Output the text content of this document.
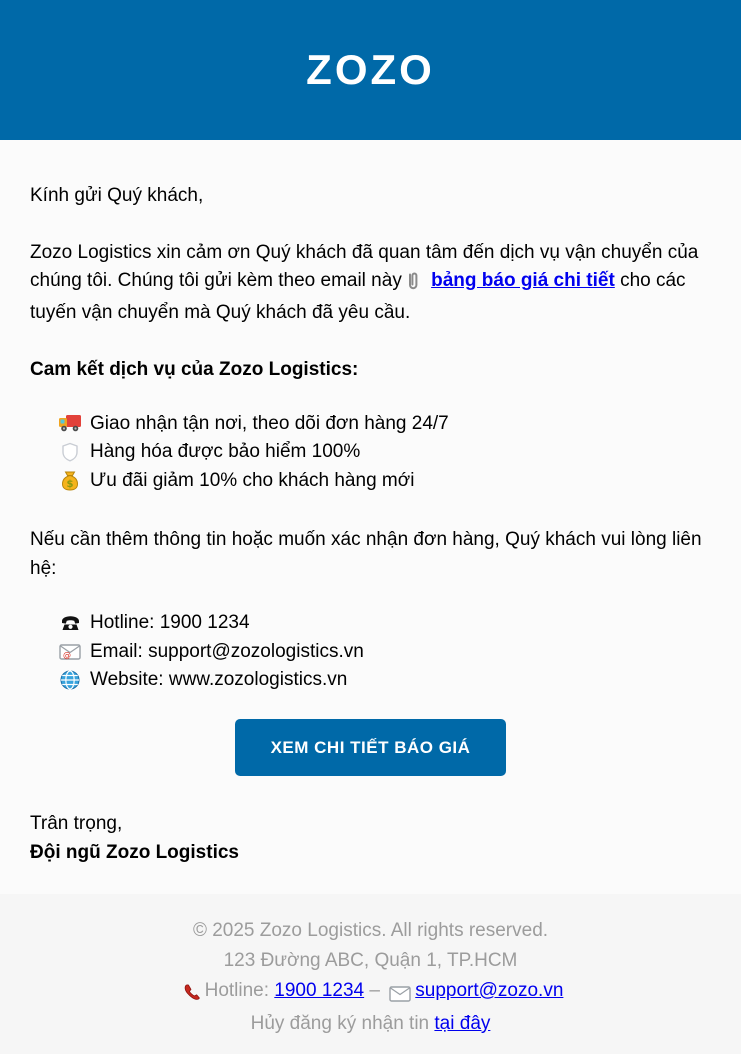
ZOZO

Kính gửi Quý khách,

Zozo Logistics xin cảm ơn Quý khách đã quan tâm đến dịch vụ vận chuyển của chúng tôi. Chúng tôi gửi kèm theo email này bảng báo giá chi tiết cho các tuyến vận chuyển mà Quý khách đã yêu cầu.

Cam kết dịch vụ của Zozo Logistics:

Giao nhận tận nơi, theo dõi đơn hàng 24/7
Hàng hóa được bảo hiểm 100%
$ Ưu đãi giảm 10% cho khách hàng mới

Nếu cần thêm thông tin hoặc muốn xác nhận đơn hàng, Quý khách vui lòng liên hệ:

Hotline: 1900 1234
@ Email: support@zozologistics.vn
Website: www.zozologistics.vn
XEM CHI TIẾT BÁO GIÁ
Trân trọng,
Đội ngũ Zozo Logistics
© 2025 Zozo Logistics. All rights reserved.
123 Đường ABC, Quận 1, TP.HCM
Hotline: 1900 1234 – support@zozo.vn
Hủy đăng ký nhận tin tại đây
